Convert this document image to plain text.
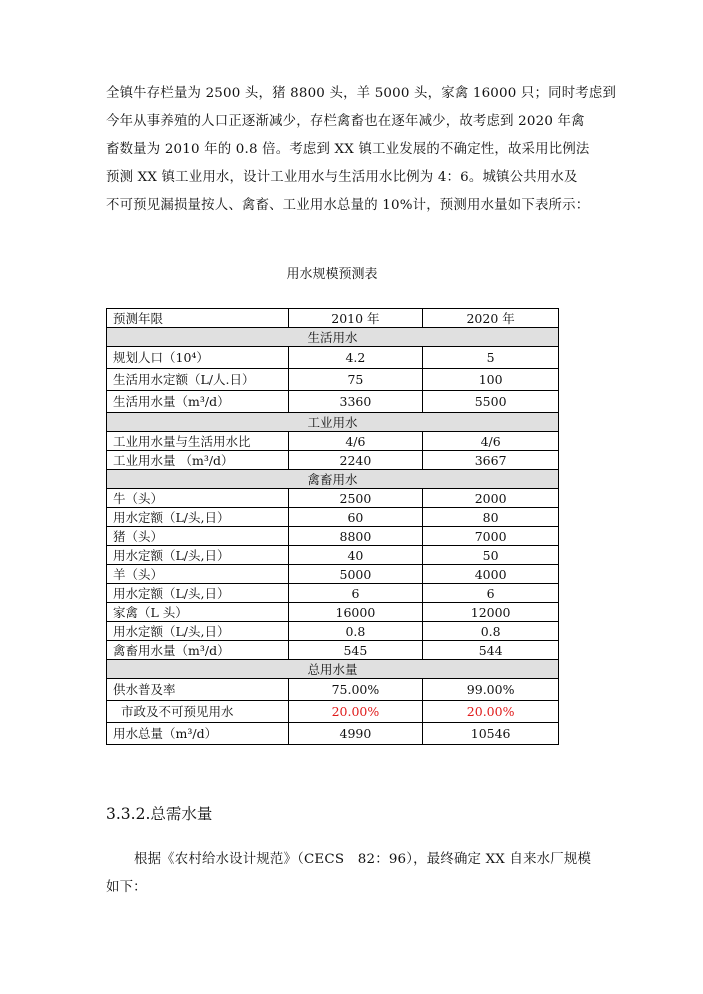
全镇牛存栏量为 2500 头，猪 8800 头，羊 5000 头，家禽 16000 只；同时考虑到

今年从事养殖的人口正逐渐减少，存栏禽畜也在逐年减少，故考虑到 2020 年禽

畜数量为 2010 年的 0.8 倍。考虑到 XX 镇工业发展的不确定性，故采用比例法

预测 XX 镇工业用水，设计工业用水与生活用水比例为 4：6。城镇公共用水及

不可预见漏损量按人、禽畜、工业用水总量的 10%计，预测用水量如下表所示：

用水规模预测表

预测年限	2010 年	2020 年
生活用水		
规划人口（10⁴）	4.2	5
生活用水定额（L/人.日）	75	100
生活用水量（m³/d）	3360	5500
工业用水		
工业用水量与生活用水比	4/6	4/6
工业用水量 （m³/d）	2240	3667
禽畜用水		
牛（头）	2500	2000
用水定额（L/头,日）	60	80
猪（头）	8800	7000
用水定额（L/头,日）	40	50
羊（头）	5000	4000
用水定额（L/头,日）	6	6
家禽（L 头）	16000	12000
用水定额（L/头,日）	0.8	0.8
禽畜用水量（m³/d）	545	544
总用水量		
供水普及率	75.00%	99.00%
市政及不可预见用水	20.00%	20.00%
用水总量（m³/d）	4990	10546
3.3.2.总需水量

根据《农村给水设计规范》（CECS　82：96），最终确定 XX 自来水厂规模

如下：
